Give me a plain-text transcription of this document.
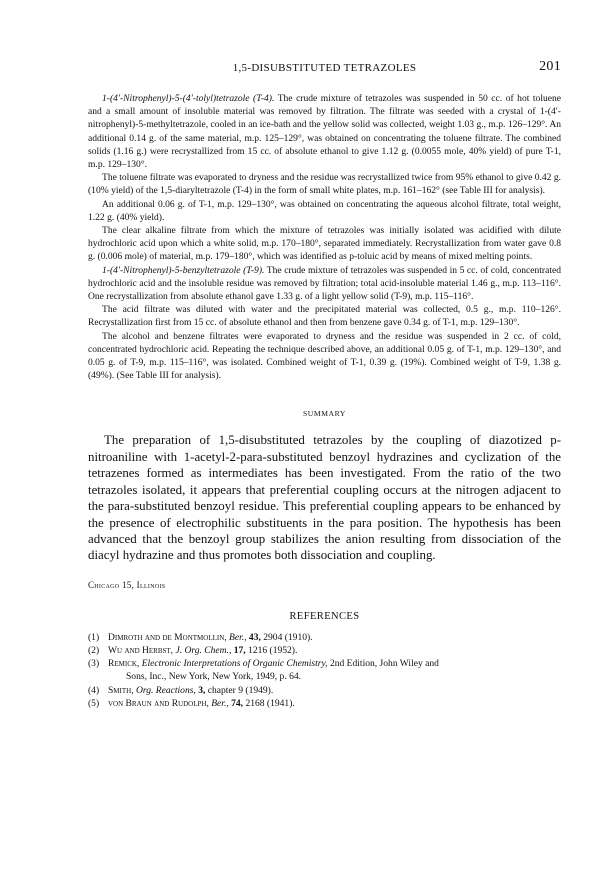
1,5-DISUBSTITUTED TETRAZOLES	201

1-(4′-Nitrophenyl)-5-(4′-tolyl)tetrazole (T-4). The crude mixture of tetrazoles was suspended in 50 cc. of hot toluene and a small amount of insoluble material was removed by filtration. The filtrate was seeded with a crystal of 1-(4′-nitrophenyl)-5-methyltetrazole, cooled in an ice-bath and the yellow solid was collected, weight 1.03 g., m.p. 126–129°. An additional 0.14 g. of the same material, m.p. 125–129°, was obtained on concentrating the toluene filtrate. The combined solids (1.16 g.) were recrystallized from 15 cc. of absolute ethanol to give 1.12 g. (0.0055 mole, 40% yield) of pure T-1, m.p. 129–130°.

The toluene filtrate was evaporated to dryness and the residue was recrystallized twice from 95% ethanol to give 0.42 g. (10% yield) of the 1,5-diaryltetrazole (T-4) in the form of small white plates, m.p. 161–162° (see Table III for analysis).

An additional 0.06 g. of T-1, m.p. 129–130°, was obtained on concentrating the aqueous alcohol filtrate, total weight, 1.22 g. (40% yield).

The clear alkaline filtrate from which the mixture of tetrazoles was initially isolated was acidified with dilute hydrochloric acid upon which a white solid, m.p. 170–180°, separated immediately. Recrystallization from water gave 0.8 g. (0.006 mole) of material, m.p. 179–180°, which was identified as p-toluic acid by means of mixed melting points.

1-(4′-Nitrophenyl)-5-benzyltetrazole (T-9). The crude mixture of tetrazoles was suspended in 5 cc. of cold, concentrated hydrochloric acid and the insoluble residue was removed by filtration; total acid-insoluble material 1.46 g., m.p. 113–116°. One recrystallization from absolute ethanol gave 1.33 g. of a light yellow solid (T-9), m.p. 115–116°.

The acid filtrate was diluted with water and the precipitated material was collected, 0.5 g., m.p. 110–126°. Recrystallization first from 15 cc. of absolute ethanol and then from benzene gave 0.34 g. of T-1, m.p. 129–130°.

The alcohol and benzene filtrates were evaporated to dryness and the residue was suspended in 2 cc. of cold, concentrated hydrochloric acid. Repeating the technique described above, an additional 0.05 g. of T-1, m.p. 129–130°, and 0.05 g. of T-9, m.p. 115–116°, was isolated. Combined weight of T-1, 0.39 g. (19%). Combined weight of T-9, 1.38 g. (49%). (See Table III for analysis).

SUMMARY

The preparation of 1,5-disubstituted tetrazoles by the coupling of diazotized p-nitroaniline with 1-acetyl-2-para-substituted benzoyl hydrazines and cyclization of the tetrazenes formed as intermediates has been investigated. From the ratio of the two tetrazoles isolated, it appears that preferential coupling occurs at the nitrogen adjacent to the para-substituted benzoyl residue. This preferential coupling appears to be enhanced by the presence of electrophilic substituents in the para position. The hypothesis has been advanced that the benzoyl group stabilizes the anion resulting from dissociation of the diacyl hydrazine and thus promotes both dissociation and coupling.

Chicago 15, Illinois
REFERENCES
(1) Dimroth and de Montmollin, Ber., 43, 2904 (1910).
(2) Wu and Herbst, J. Org. Chem., 17, 1216 (1952).
(3) Remick, Electronic Interpretations of Organic Chemistry, 2nd Edition, John Wiley and
Sons, Inc., New York, New York, 1949, p. 64.
(4) Smith, Org. Reactions, 3, chapter 9 (1949).
(5) von Braun and Rudolph, Ber., 74, 2168 (1941).
